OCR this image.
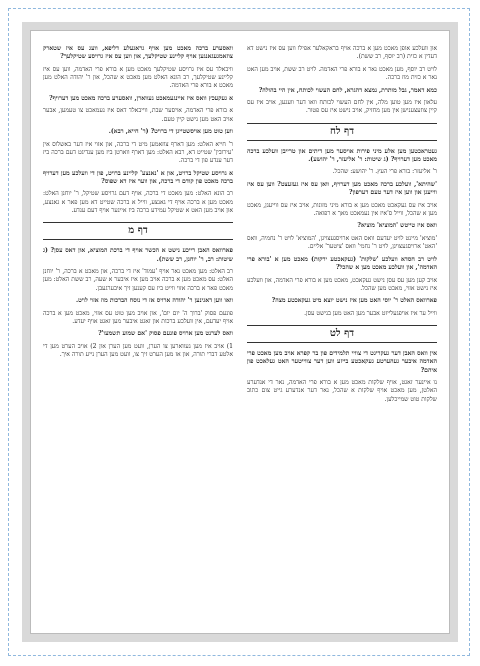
און וועלכע אופן מאכט מען א ברכה אויף בראקאלער אפילו ווען עס איז נישט דא דעדין א כזית (רב יוסף, רב ששת).

לויט רב יוסף, מען מאכט נאר א בורא פרי האדמה. לויט רב ששת, אויב מען האט נאר א כזית מוז ברכה.

כמא דאמר, גבל מותרת, נמצא דהגרא, לחם העשוי לכותח, אין היי בהולה?

עלאון איז מען טוען מלה, אין לחם העשוי לכותח וואו דער וועגען, אויב איז עס קיין צוזעצענישן אין מען מחזיק, אויב נישט איז עס פטור.

דף לח

געטראכטען מען אלע מיני פירות אויסער מען דיתים און טרייבן וועלכע ברכה מאכט מען דערויף? (ג שיטות: ר' אליעזר, ר' יהושע).

ר' אליעזר: בורא פרי העץ. ר' יהושע: שהכל.

'שהיתא', וועלכע ברכה מאכט מען דערויף, וואן עס איז געזעצט? ווען עס איז ווייעגן און ווען איז דער טעם דערפון?

אויב איז עס געקאכט מאכט מען א בורא מיני מזונות, אויב איז עס ווייעגן, מאכט מען א שהכל, ווייל ס'איז אין נעמאכט מאך א רפואה.

וואס איז טייטש 'המוציא' מוציא?

'מוציא' מיינט לויט יעדעם וואס האט ארויסגעצויגן, 'המוציא' לויט ר' נחמיה, וואס 'האט' ארויסגעצויגן, לויט ר' נחמי' וואס 'ציטער' אליים.

לויט רב חסדא וועלכע 'שלקות' (געקאכטע ירקות) מאכט מען א 'בורא פרי האדמה', און וועלכע מאכט מען א שהכל?

אויב קען מען עס עסן נישט געקאכט, מאכט מען א בורא פרי האדמה, און וועלכע איז נישט אזוי, מאכט מען שהכל.

פארוואס האלט ר' יוסי האט מען איז נישט יוצא מיט געקאכטע מצה?

ווייל ער איז אויפגעלייזט אבער מען האט מען בנישט עסן.

דף לט

אין וואס האבן דער געקריגט די צוויי תלמידים פון בר קפרא אויב מען מאכט פרי האדמה איבער געהערטע געקאכטע בייזע ווען דער צווייטער האט געלאכט פון איהם?

נו איינער זאגט, אויף שלקות מאכט מען א בורא פרי האדמה, נאר די אנדערע האלטן, מען מאכט אויף שלקות א שהכל, נאר דער אנדערע גייט צום כתוב שלקות טוט שמייכלען.

וואסערע ברכה מאכט מען אויף גראגעלע דליפא, וועג עס איז שטארק צוזאמגעגאנגען אויף קליינע שטיקלעך, און ווען עס איז גרויסע שטיקלעך?

וויבאלד עס איז גרויסע שטיקלעך מאכט מען א בורא פרי האדמה, ווען עס איז קליינע שטיקלעך, רב הונא האלט מען מאכט א שהכל, און ר' יהודה האלט מען מאכט א בורא פרי האדמה.

א געקעכץ וואס איז איינגעמאכט געווארן, וואסערע ברכה מאכט מען דערויף?

א בורא פרי האדמה, אויסער שבת, ווייבאלד דאס איז נעמאכט צו טעמען, אבער אויב האט מען נישט קיין טעם.

ווען טוט מען אויסשטייגן די ברויט? (ר' חייא, רבא).

ר' חייא האלט: מען דארף צוזאמען מיט די ברכה, און אזוי איז דער באשלוס אין 'עירובין' שטייט דא, רבא האלט: מען דארף ווארטן ביז מען ענדיגט דעם ברכה ביז דער ענדע פון די ברכה.

א גרויסע שטיקל ברויט, און א 'נאנצע' קליינע ברויט, פון די וועלכע מען דערויף ברכה מאכט פון קודם די ברכה, און ווער איז דא שפוס?

רב הונא האלט: מען מאכט די ברכה, אויף דעם גרויסע שטיקל, ר' יוחנן האלט: מאכט מען א ברכה אויף די גאנצע, ווייל א ברכה שטייט דא מען פאר א גאנצע, און אויב מען האט א שטיקל עמידע ברכה ביז איינער אויף דעם ענדע.

דף מ

פארוואס האבן רייכע נישט א הכשר אויף די ברכת המוציא, און דאס עסן? (ג שיטות: רב, ר' יוחנן, רב ששת).

רב האלט: מען מאכט נאר אויף 'עמוד' איז די ברכה, און מאכט א ברכה, ר' יוחנן האלט: עס מאכט מען א ברכה אויב מען איז איבער א שעה, רב ששת האלט: מען מאכט פאר א ברכה אזוי ווייט ביז עס קענען זיך איבערגעבן.

וואו ווען דאגינען ר' יהודה ארויס אז די נוסח הברכות מוז אזוי לויט.

פונעם פסוק 'ברוך ה' יום יום', און אויב מען טוט עס אזוי, מאכט מען א ברכה אויף יעדעם, אין וועלכע ברכות און זאגט איבער מען זאגט אויף יעדע.

וואס לערנט מען ארויס פונעם פסוק 'אם שמוע תשמעו'?

1) אויב איז מען געווארען צו הערן, וועט מען הערן און 2) אויב הערט מען די אלטע דברי תורה, און אז מען הערט זיך צו, וועט מען הערן נייע תורה איך.
